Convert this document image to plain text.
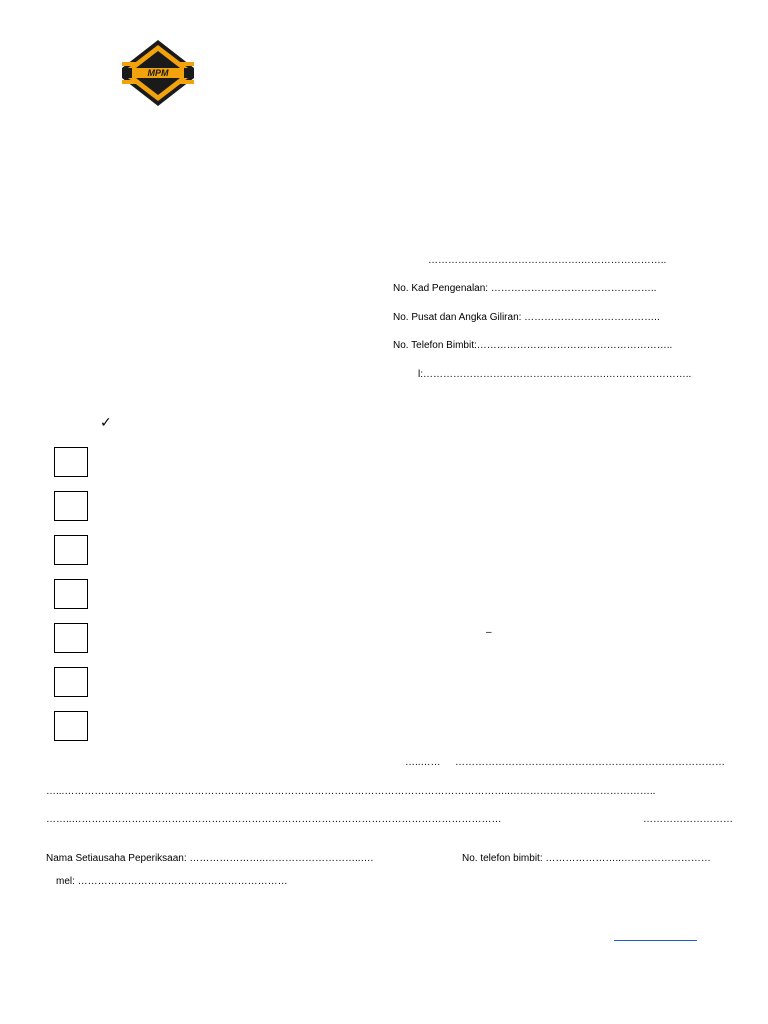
MPM
……………………………………….……………………..
No. Kad Pengenalan: …………………………………………..
No. Pusat dan Angka Giliran: …………………………………..
No. Telefon Bimbit:…………………………………………………..
l:……………………………………………….……………………..
✓
–
…..…… ………………………………………………………………………
…...……………………………………………………………………………………………………………………..……………………………………..
……..…………………………………………………………………………………………………………………	………………………
Nama Setiausaha Peperiksaan: …………………..………………………..….	No. telefon bimbit: …………………..………………………
mel: ………………………………………………………
